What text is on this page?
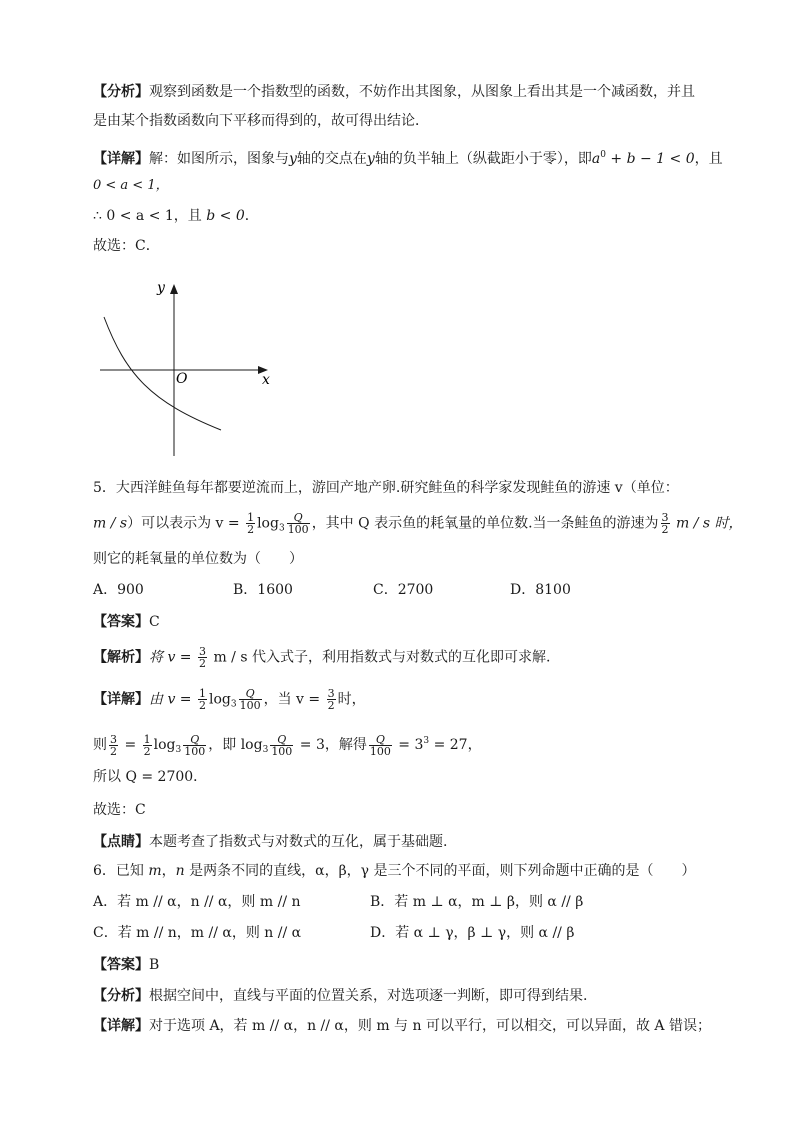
【分析】观察到函数是一个指数型的函数，不妨作出其图象，从图象上看出其是一个减函数，并且
是由某个指数函数向下平移而得到的，故可得出结论．
【详解】解：如图所示，图象与y轴的交点在y轴的负半轴上（纵截距小于零），即$a^0 + b - 1 < 0$，且
0 < a < 1，
∴ 0 < a < 1，且 b < 0．
故选：C．
y
x
O
5．大西洋鲑鱼每年都要逆流而上，游回产地产卵.研究鲑鱼的科学家发现鲑鱼的游速 v（单位：
m / s）可以表示为 $v = \frac{1}{2} \log_3 \frac{Q}{100}$ ，其中 Q 表示鱼的耗氧量的单位数.当一条鲑鱼的游速为 $\frac{3}{2}$ m / s 时，
则它的耗氧量的单位数为（　　）
A．900	B．1600	C．2700	D．8100
【答案】C
【解析】将 $v = \frac{3}{2}$ m / s 代入式子，利用指数式与对数式的互化即可求解.
【详解】由 $v = \frac{1}{2} \log_3 \frac{Q}{100}$ ，当 $v = \frac{3}{2}$ 时，
则 $\frac{3}{2} = \frac{1}{2} \log_3 \frac{Q}{100}$ ，即 $\log_3 \frac{Q}{100} = 3$，解得 $\frac{Q}{100} = 3^3 = 27$，
所以 Q = 2700．
故选：C
【点睛】本题考查了指数式与对数式的互化，属于基础题.
6．已知 m，n 是两条不同的直线，α，β，γ 是三个不同的平面，则下列命题中正确的是（　　）
A．若 m // α，n // α，则 m // n	B．若 m ⊥ α，m ⊥ β，则 α // β
C．若 m // n，m // α，则 n // α	D．若 α ⊥ γ，β ⊥ γ，则 α // β
【答案】B
【分析】根据空间中，直线与平面的位置关系，对选项逐一判断，即可得到结果.
【详解】对于选项 A，若 m // α，n // α，则 m 与 n 可以平行，可以相交，可以异面，故 A 错误；
